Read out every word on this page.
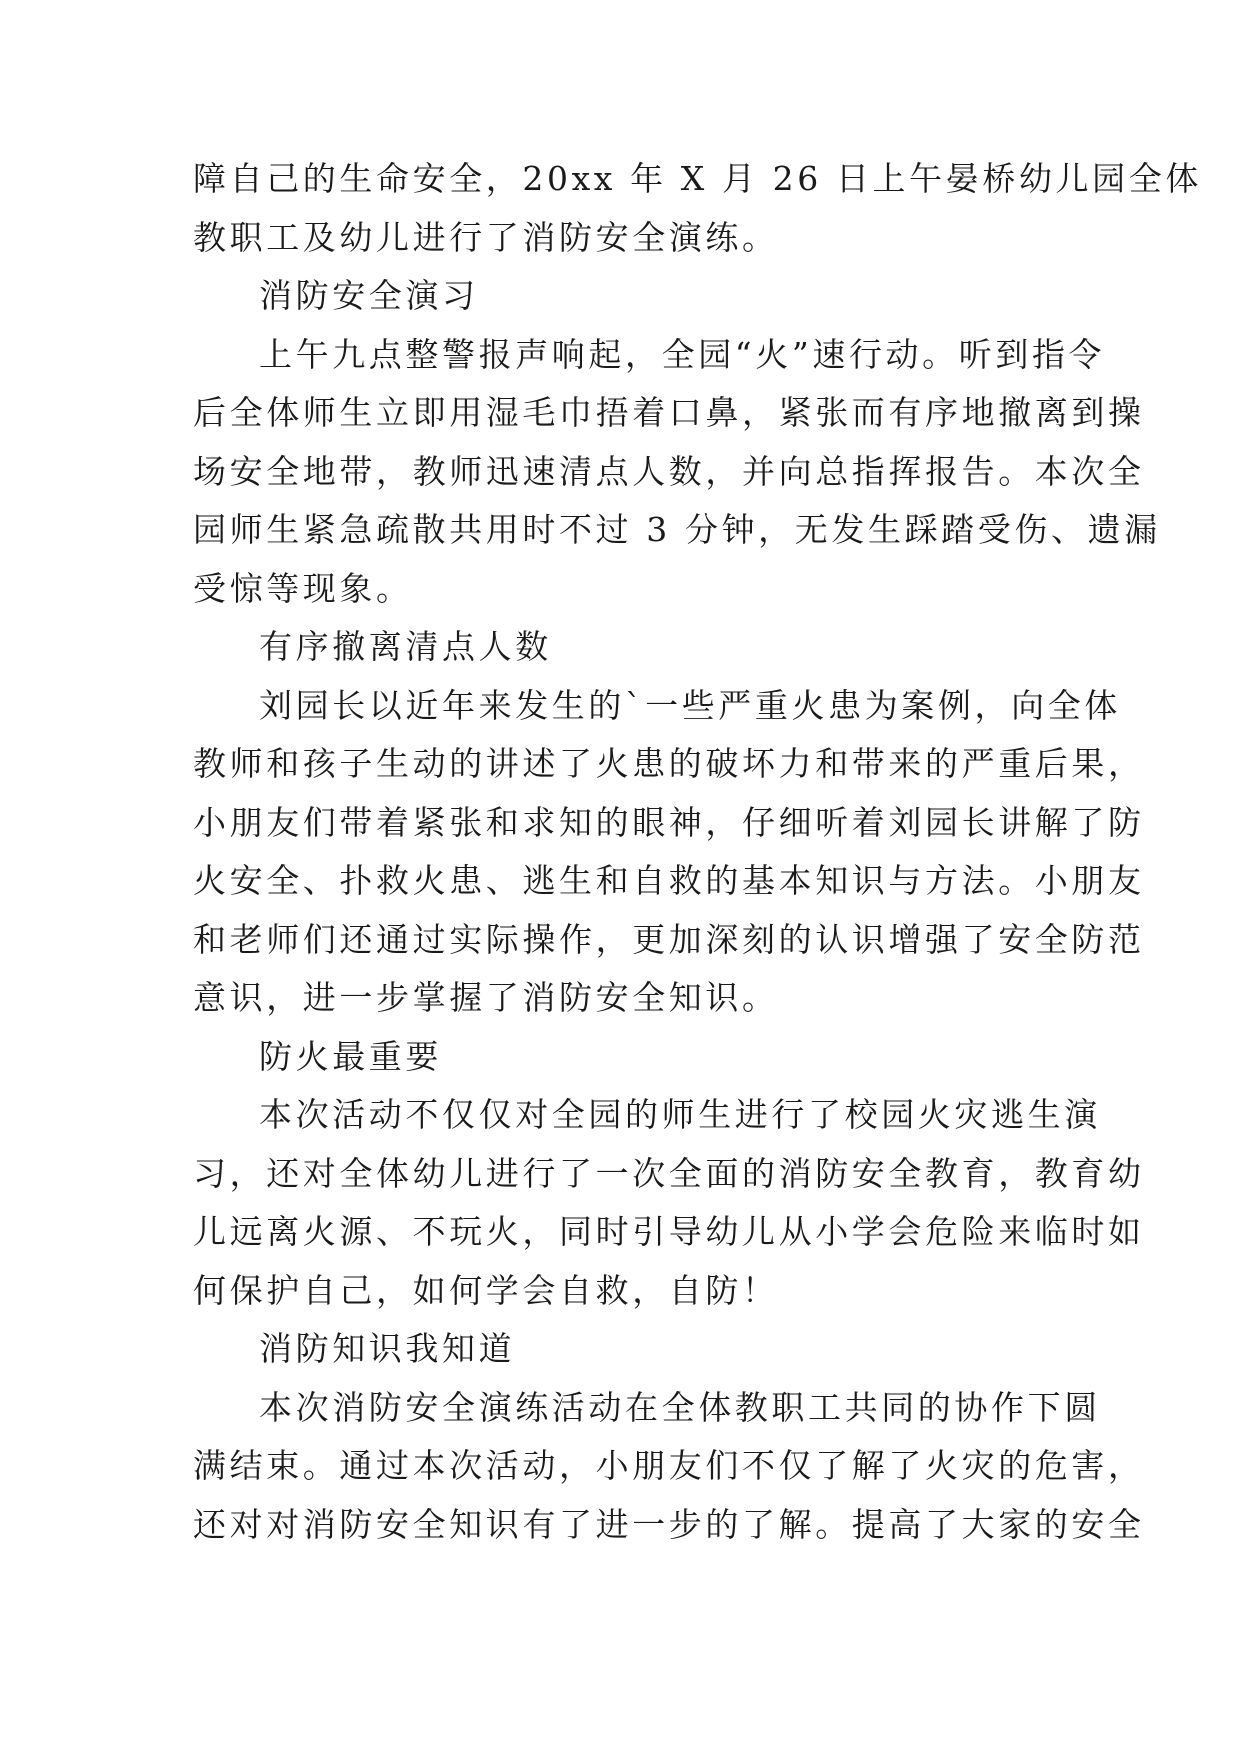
障自己的生命安全，20xx 年 X 月 26 日上午晏桥幼儿园全体
教职工及幼儿进行了消防安全演练。
消防安全演习
上午九点整警报声响起，全园“火”速行动。听到指令
后全体师生立即用湿毛巾捂着口鼻，紧张而有序地撤离到操
场安全地带，教师迅速清点人数，并向总指挥报告。本次全
园师生紧急疏散共用时不过 3 分钟，无发生踩踏受伤、遗漏
受惊等现象。
有序撤离清点人数
刘园长以近年来发生的`一些严重火患为案例，向全体
教师和孩子生动的讲述了火患的破坏力和带来的严重后果，
小朋友们带着紧张和求知的眼神，仔细听着刘园长讲解了防
火安全、扑救火患、逃生和自救的基本知识与方法。小朋友
和老师们还通过实际操作，更加深刻的认识增强了安全防范
意识，进一步掌握了消防安全知识。
防火最重要
本次活动不仅仅对全园的师生进行了校园火灾逃生演
习，还对全体幼儿进行了一次全面的消防安全教育，教育幼
儿远离火源、不玩火，同时引导幼儿从小学会危险来临时如
何保护自己，如何学会自救，自防！
消防知识我知道
本次消防安全演练活动在全体教职工共同的协作下圆
满结束。通过本次活动，小朋友们不仅了解了火灾的危害，
还对对消防安全知识有了进一步的了解。提高了大家的安全
